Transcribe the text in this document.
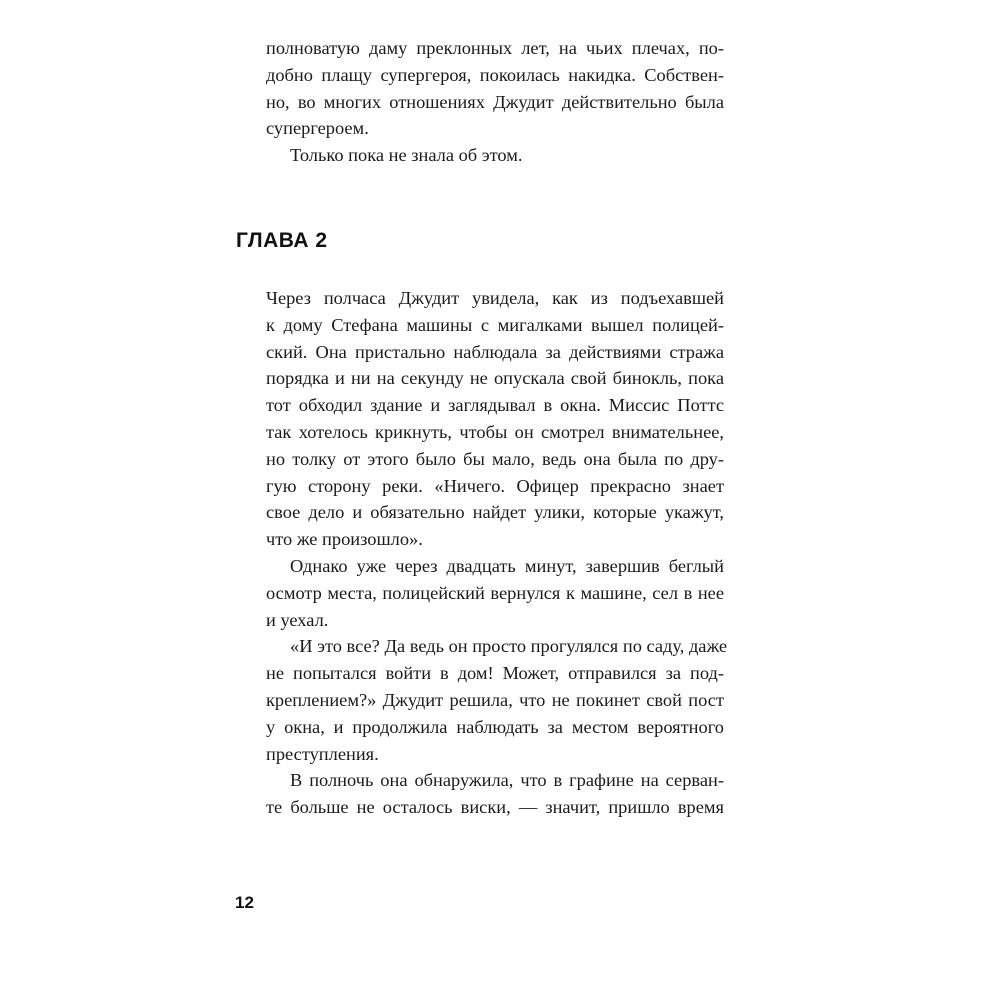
полноватую даму преклонных лет, на чьих плечах, по-
добно плащу супергероя, покоилась накидка. Собствен-
но, во многих отношениях Джудит действительно была
супергероем.
Только пока не знала об этом.
ГЛАВА 2
Через полчаса Джудит увидела, как из подъехавшей
к дому Стефана машины с мигалками вышел полицей-
ский. Она пристально наблюдала за действиями стража
порядка и ни на секунду не опускала свой бинокль, пока
тот обходил здание и заглядывал в окна. Миссис Поттс
так хотелось крикнуть, чтобы он смотрел внимательнее,
но толку от этого было бы мало, ведь она была по дру-
гую сторону реки. «Ничего. Офицер прекрасно знает
свое дело и обязательно найдет улики, которые укажут,
что же произошло».
Однако уже через двадцать минут, завершив беглый
осмотр места, полицейский вернулся к машине, сел в нее
и уехал.
«И это все? Да ведь он просто прогулялся по саду, даже
не попытался войти в дом! Может, отправился за под-
креплением?» Джудит решила, что не покинет свой пост
у окна, и продолжила наблюдать за местом вероятного
преступления.
В полночь она обнаружила, что в графине на серван-
те больше не осталось виски, — значит, пришло время
12
